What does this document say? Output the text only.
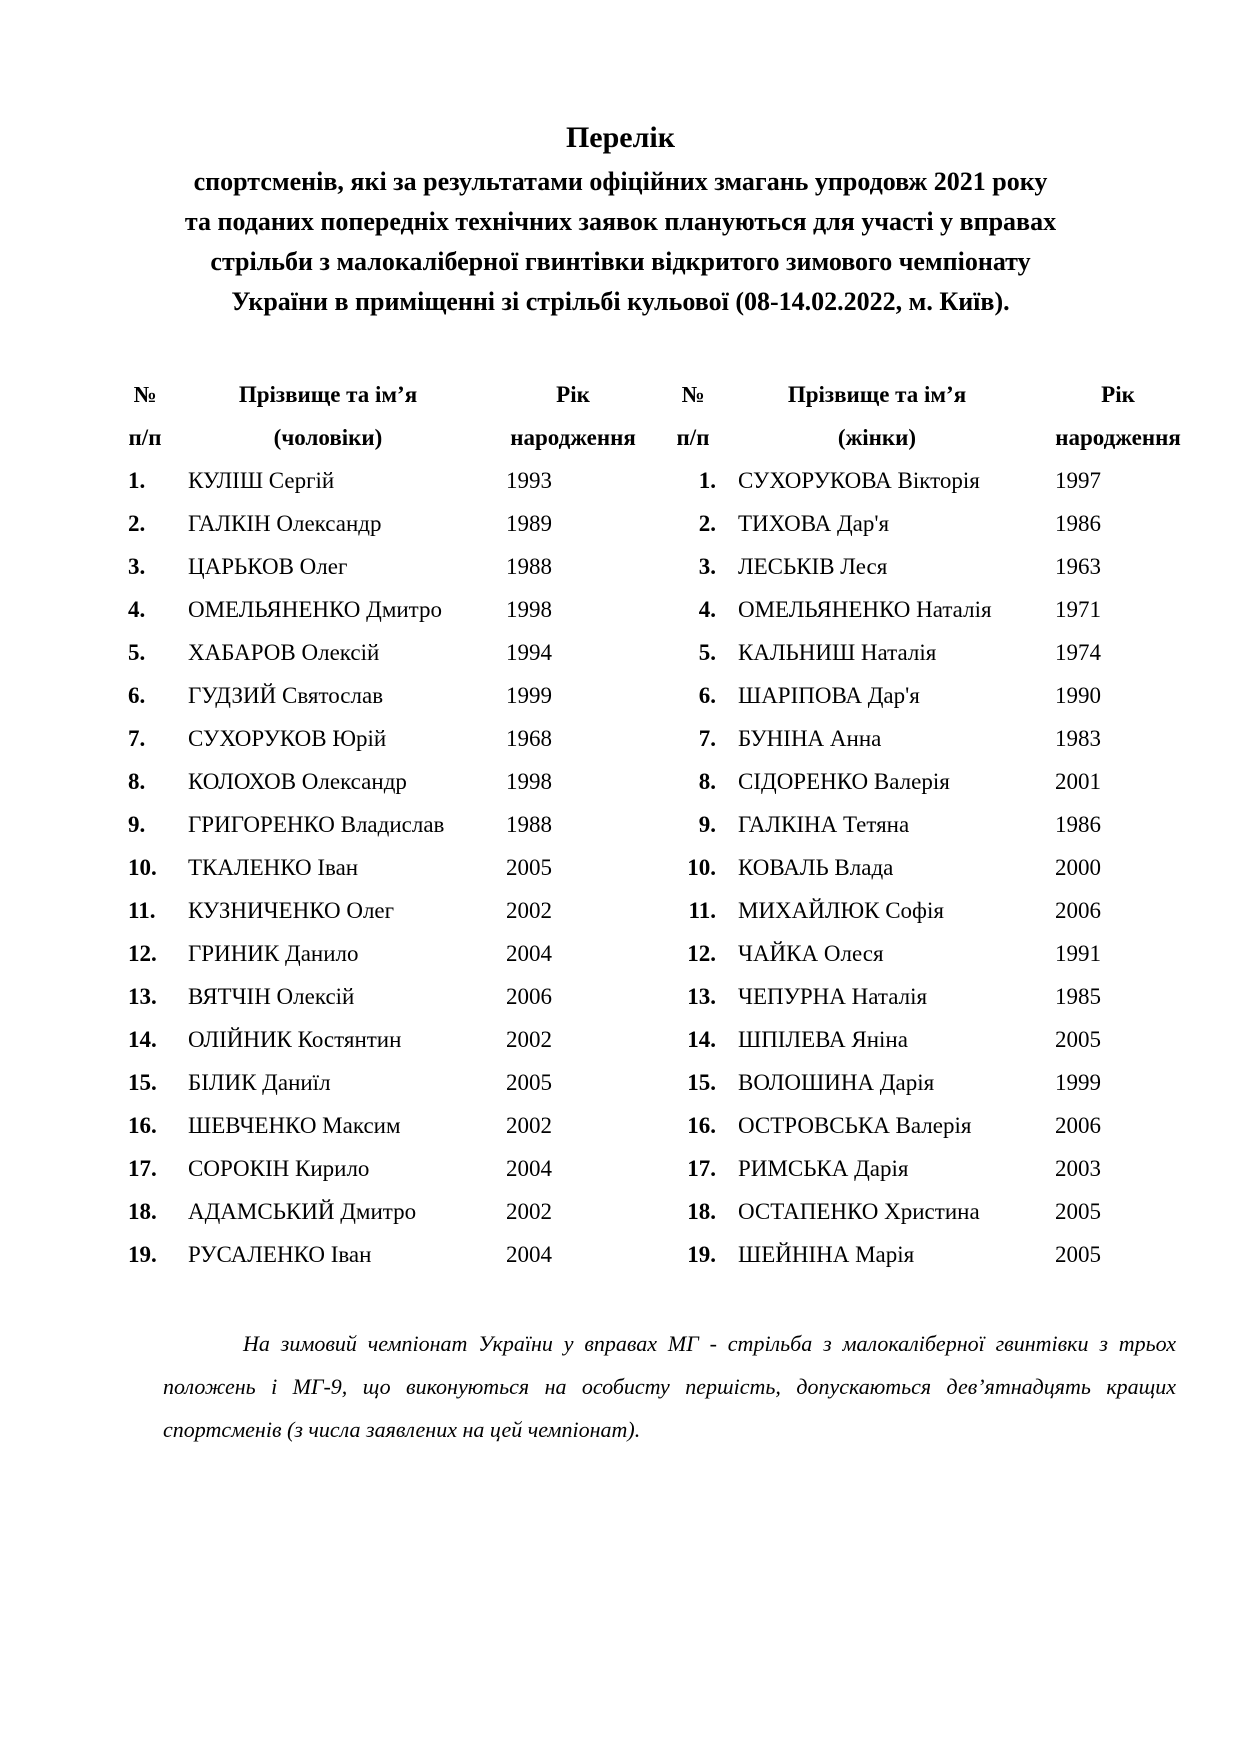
Перелік
спортсменів, які за результатами офіційних змагань упродовж 2021 року
та поданих попередніх технічних заявок плануються для участі у вправах
стрільби з малокаліберної гвинтівки відкритого зимового чемпіонату
України в приміщенні зі стрільбі кульової (08-14.02.2022, м. Київ).
№	Прізвище та ім’я	Рік
п/п	(чоловіки)	народження
1. КУЛІШ Сергій	1993
2. ГАЛКІН Олександр	1989
3. ЦАРЬКОВ Олег	1988
4. ОМЕЛЬЯНЕНКО Дмитро	1998
5. ХАБАРОВ Олексій	1994
6. ГУДЗИЙ Святослав	1999
7. СУХОРУКОВ Юрій	1968
8. КОЛОХОВ Олександр	1998
9. ГРИГОРЕНКО Владислав	1988
10. ТКАЛЕНКО Іван	2005
11. КУЗНИЧЕНКО Олег	2002
12. ГРИНИК Данило	2004
13. ВЯТЧІН Олексій	2006
14. ОЛІЙНИК Костянтин	2002
15. БІЛИК Даниїл	2005
16. ШЕВЧЕНКО Максим	2002
17. СОРОКІН Кирило	2004
18. АДАМСЬКИЙ Дмитро	2002
19. РУСАЛЕНКО Іван	2004
№	Прізвище та ім’я	Рік
п/п	(жінки)	народження
1. СУХОРУКОВА Вікторія	1997
2. ТИХОВА Дар'я	1986
3. ЛЕСЬКІВ Леся	1963
4. ОМЕЛЬЯНЕНКО Наталія	1971
5. КАЛЬНИШ Наталія	1974
6. ШАРІПОВА Дар'я	1990
7. БУНІНА Анна	1983
8. СІДОРЕНКО Валерія	2001
9. ГАЛКІНА Тетяна	1986
10. КОВАЛЬ Влада	2000
11. МИХАЙЛЮК Софія	2006
12. ЧАЙКА Олеся	1991
13. ЧЕПУРНА Наталія	1985
14. ШПІЛЕВА Яніна	2005
15. ВОЛОШИНА Дарія	1999
16. ОСТРОВСЬКА Валерія	2006
17. РИМСЬКА Дарія	2003
18. ОСТАПЕНКО Христина	2005
19. ШЕЙНІНА Марія	2005
На зимовий чемпіонат України у вправах МГ - стрільба з малокаліберної гвинтівки з трьох положень і МГ-9, що виконуються на особисту першість, допускаються дев’ятнадцять кращих спортсменів (з числа заявлених на цей чемпіонат).
